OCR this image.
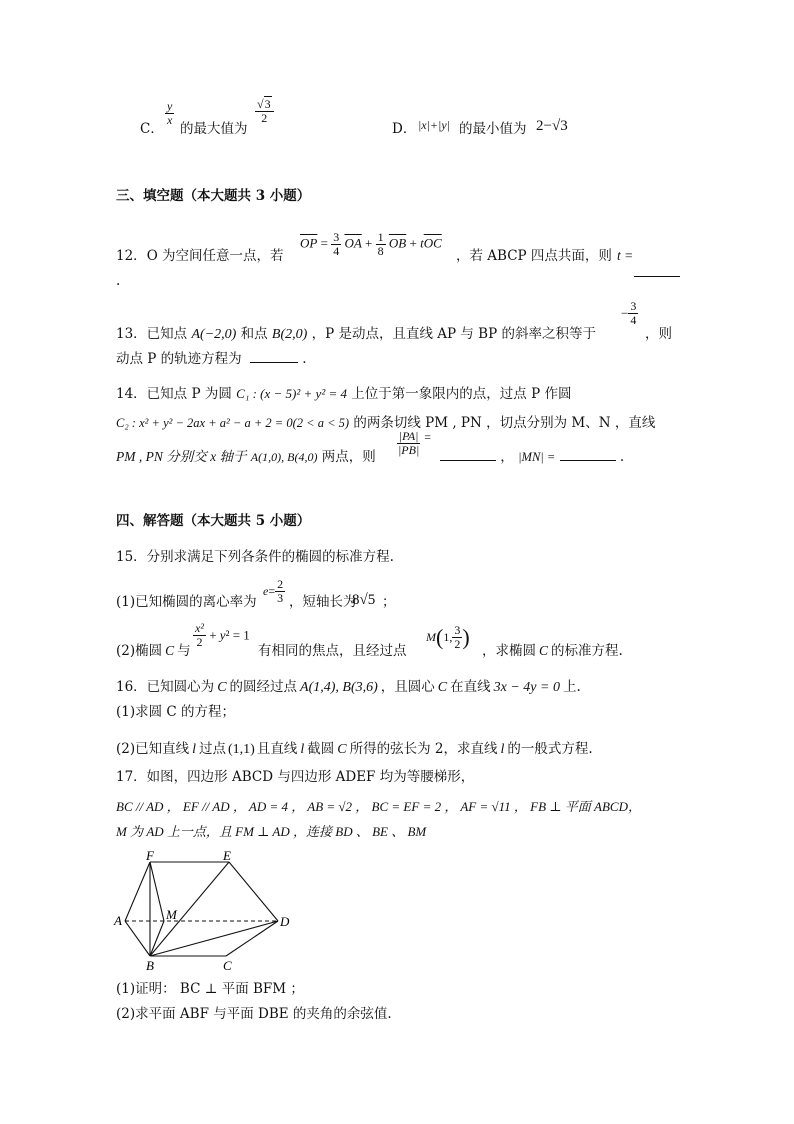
C．
$\frac{y}{x}$
的最大值为
$\frac{√3}{2}$
D． |x|+|y| 的最小值为 2−√3
三、填空题（本大题共 3 小题）
12．O 为空间任意一点，若
$\overline{OP} = \frac{3}{4} \overline{OA} + \frac{1}{8} \overline{OB} + t\overline{OC}$
，若 ABCP 四点共面，则 t =
.
13．已知点 A(−2,0) 和点 B(2,0) ，P 是动点，且直线 AP 与 BP 的斜率之积等于
− $\frac{3}{4}$
，则
动点 P 的轨迹方程为	.
14．已知点 P 为圆 C₁ : (x − 5)² + y² = 4 上位于第一象限内的点，过点 P 作圆
C₂ : x² + y² − 2ax + a² − a + 2 = 0(2 < a < 5) 的两条切线 PM , PN ，切点分别为 M、N ，直线
PM , PN 分别交 x 轴于 A(1,0), B(4,0) 两点，则 $\frac{|PA|}{|PB|} ^=$
， |MN| =	.
四、解答题（本大题共 5 小题）
15．分别求满足下列各条件的椭圆的标准方程.
(1)已知椭圆的离心率为
$e= \frac{2}{3}$ ，短轴长为
8√5 ；
(2)椭圆 C 与
$\frac{\text{x²}}{2} + y^2 = 1$
有相同的焦点，且经过点
M(1, $\frac{3}{2}$ )
，求椭圆 C 的标准方程.
16．已知圆心为 C 的圆经过点 A(1,4), B(3,6) ，且圆心 C 在直线 3x − 4y = 0 上.
(1)求圆 C 的方程；
(2)已知直线 l 过点 (1,1) 且直线 l 截圆 C 所得的弦长为 2，求直线 l 的一般式方程.
17．如图，四边形 ABCD 与四边形 ADEF 均为等腰梯形，
BC // AD ， EF // AD ， AD = 4 ， AB = √2 ， BC = EF = 2 ， AF = √11 ， FB ⊥ 平面 ABCD，
M 为 AD 上一点，且 FM ⊥ AD ，连接 BD 、 BE 、 BM
F	E
A	M	D
B	C
(1)证明： BC ⊥ 平面 BFM ；
(2)求平面 ABF 与平面 DBE 的夹角的余弦值.
